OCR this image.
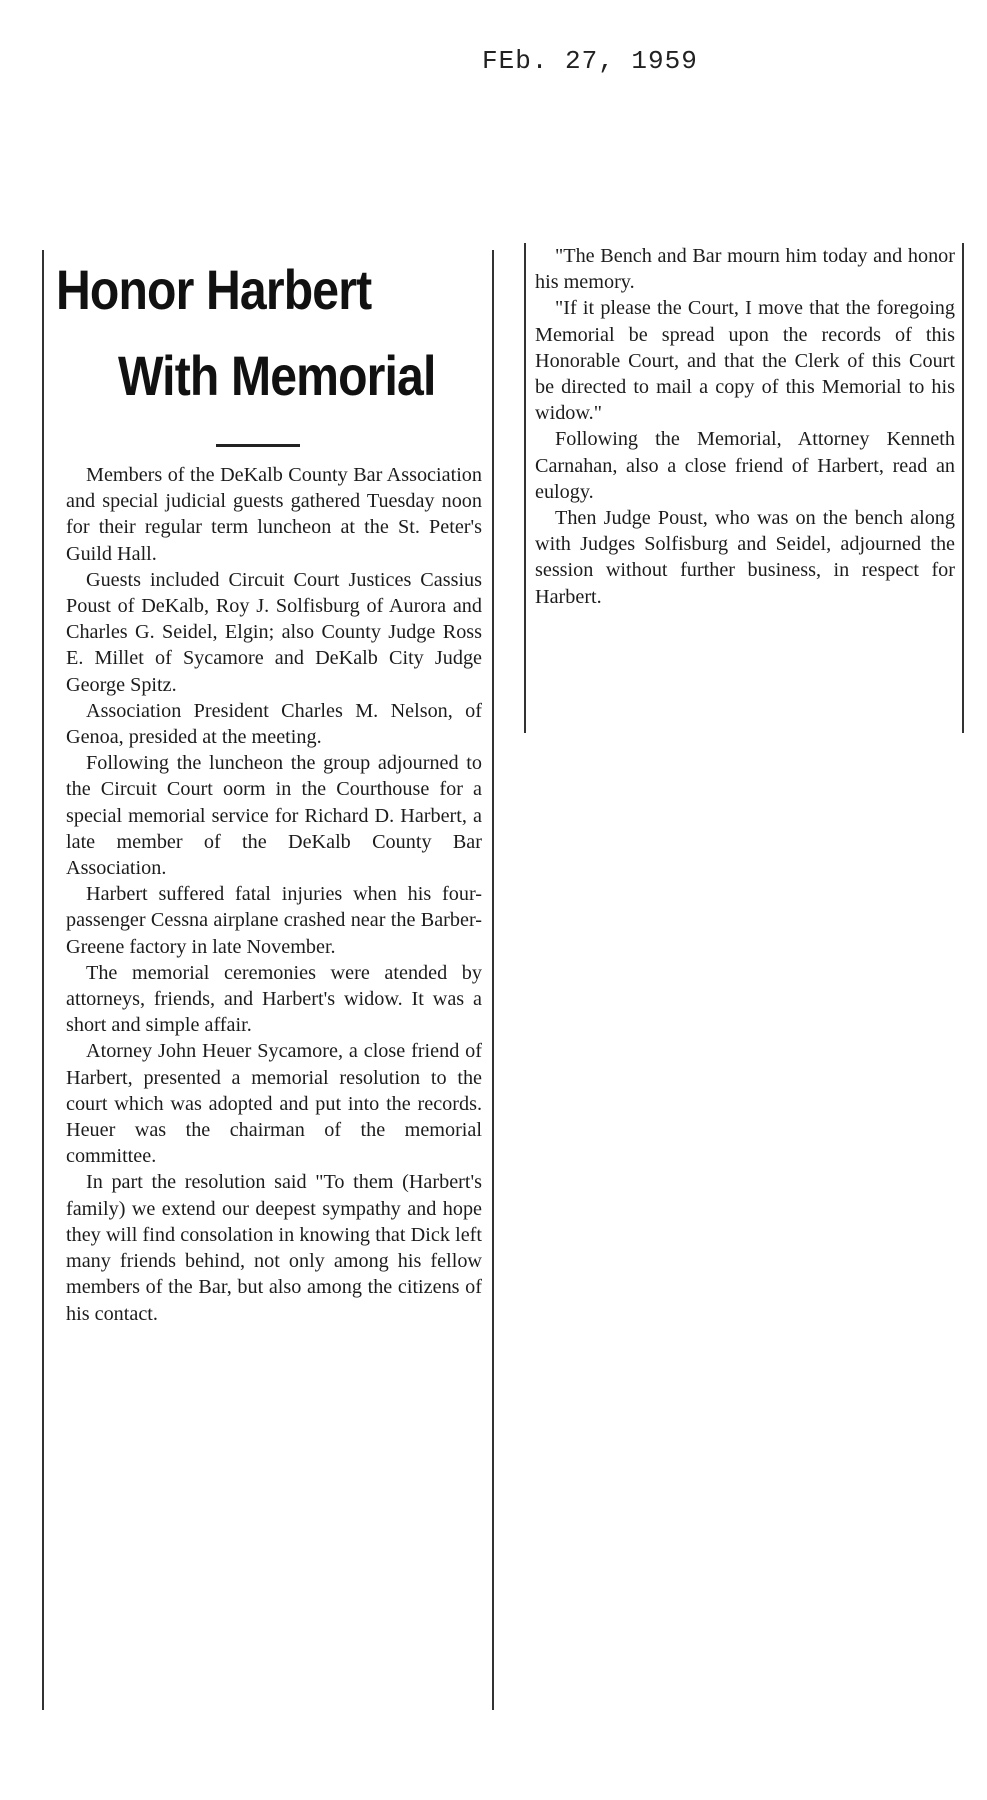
FEb. 27, 1959
Honor Harbert
With Memorial

Members of the DeKalb County Bar Association and special judicial guests gathered Tuesday noon for their regular term luncheon at the St. Peter's Guild Hall.

Guests included Circuit Court Justices Cassius Poust of DeKalb, Roy J. Solfisburg of Aurora and Charles G. Seidel, Elgin; also County Judge Ross E. Millet of Sycamore and DeKalb City Judge George Spitz.

Association President Charles M. Nelson, of Genoa, presided at the meeting.

Following the luncheon the group adjourned to the Circuit Court oorm in the Courthouse for a special memorial service for Richard D. Harbert, a late member of the DeKalb County Bar Association.

Harbert suffered fatal injuries when his four-passenger Cessna airplane crashed near the Barber-Greene factory in late November.

The memorial ceremonies were atended by attorneys, friends, and Harbert's widow. It was a short and simple affair.

Atorney John Heuer Sycamore, a close friend of Harbert, presented a memorial resolution to the court which was adopted and put into the records. Heuer was the chairman of the memorial committee.

In part the resolution said "To them (Harbert's family) we extend our deepest sympathy and hope they will find consolation in knowing that Dick left many friends behind, not only among his fellow members of the Bar, but also among the citizens of his contact.

"The Bench and Bar mourn him today and honor his memory.

"If it please the Court, I move that the foregoing Memorial be spread upon the records of this Honorable Court, and that the Clerk of this Court be directed to mail a copy of this Memorial to his widow."

Following the Memorial, Attorney Kenneth Carnahan, also a close friend of Harbert, read an eulogy.

Then Judge Poust, who was on the bench along with Judges Solfisburg and Seidel, adjourned the session without further business, in respect for Harbert.
